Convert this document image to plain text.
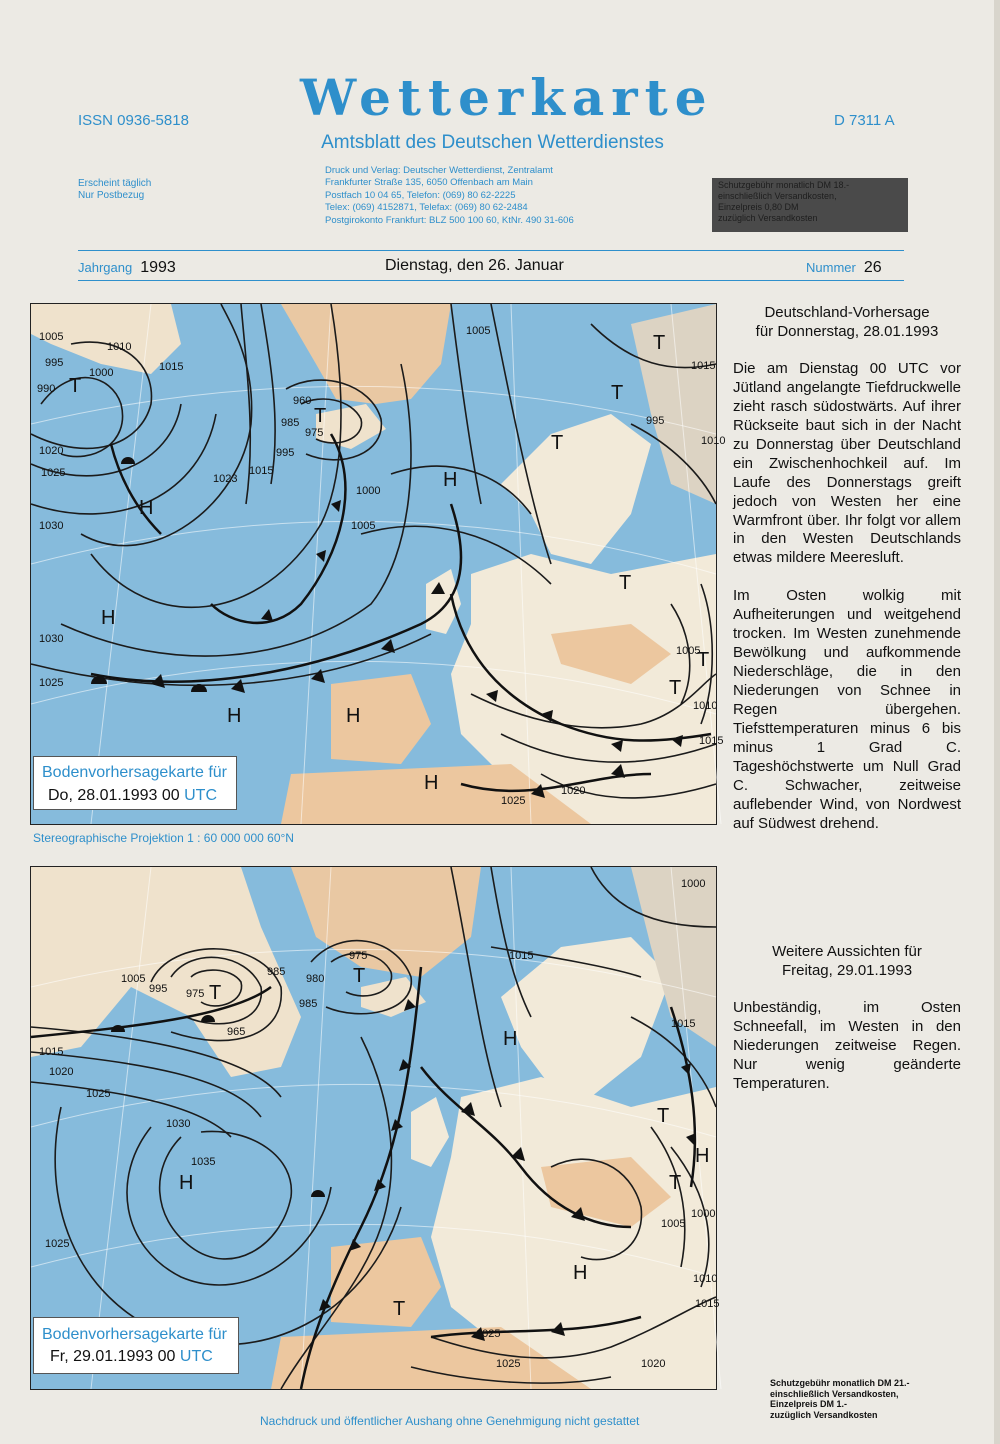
ISSN 0936-5818 Wetterkarte	D 7311 A
Amtsblatt des Deutschen Wetterdienstes
Erscheint täglich
Nur Postbezug
Druck und Verlag: Deutscher Wetterdienst, Zentralamt
Frankfurter Straße 135, 6050 Offenbach am Main
Postfach 10 04 65, Telefon: (069) 80 62-2225
Telex: (069) 4152871, Telefax: (069) 80 62-2484
Postgirokonto Frankfurt: BLZ 500 100 60, KtNr. 490 31-606
Schutzgebühr monatlich DM 18.-
einschließlich Versandkosten,
Einzelpreis 0,80 DM
zuzüglich Versandkosten
Jahrgang 1993	Dienstag, den 26. Januar	Nummer 26
1005
995
990
1000
1010
1015
1020
1025
1030
985
960
975
1005
1010
1015
1023
1000
995
1005
1015
1030
1025
1025
1020
1005
1010
1015
995
T
H
H
T
T
H
H	H
T
T
T
H
T
T
Bodenvorhersagekarte für
Do, 28.01.1993 00 UTC
Stereographische Projektion 1 : 60 000 000 60°N
1005
995 975
985
965
980
975
985
1015
1015
1020
1025
1030
1035
1025
1015
1000
1005
1010
1015
1025
1025	1020
1000
T
T
H
H
T
H
T
H
T
Bodenvorhersagekarte für
Fr, 29.01.1993 00 UTC
Deutschland-Vorhersage
für Donnerstag, 28.01.1993

Die am Dienstag 00 UTC vor Jütland angelangte Tiefdruckwelle zieht rasch südostwärts. Auf ihrer Rückseite baut sich in der Nacht zu Donnerstag über Deutschland ein Zwischenhochkeil auf. Im Laufe des Donnerstags greift jedoch von Westen her eine Warmfront über. Ihr folgt vor allem in den Westen Deutschlands etwas mildere Meeresluft.

Im Osten wolkig mit Aufheiterungen und weitgehend trocken. Im Westen zunehmende Bewölkung und aufkommende Niederschläge, die in den Niederungen von Schnee in Regen übergehen. Tiefsttemperaturen minus 6 bis minus 1 Grad C. Tageshöchstwerte um Null Grad C. Schwacher, zeitweise auflebender Wind, von Nordwest auf Südwest drehend.

Weitere Aussichten für
Freitag, 29.01.1993

Unbeständig, im Osten Schneefall, im Westen in den Niederungen zeitweise Regen. Nur wenig geänderte Temperaturen.

Nachdruck und öffentlicher Aushang ohne Genehmigung nicht gestattet
Schutzgebühr monatlich DM 21.-
einschließlich Versandkosten,
Einzelpreis DM 1.-
zuzüglich Versandkosten
